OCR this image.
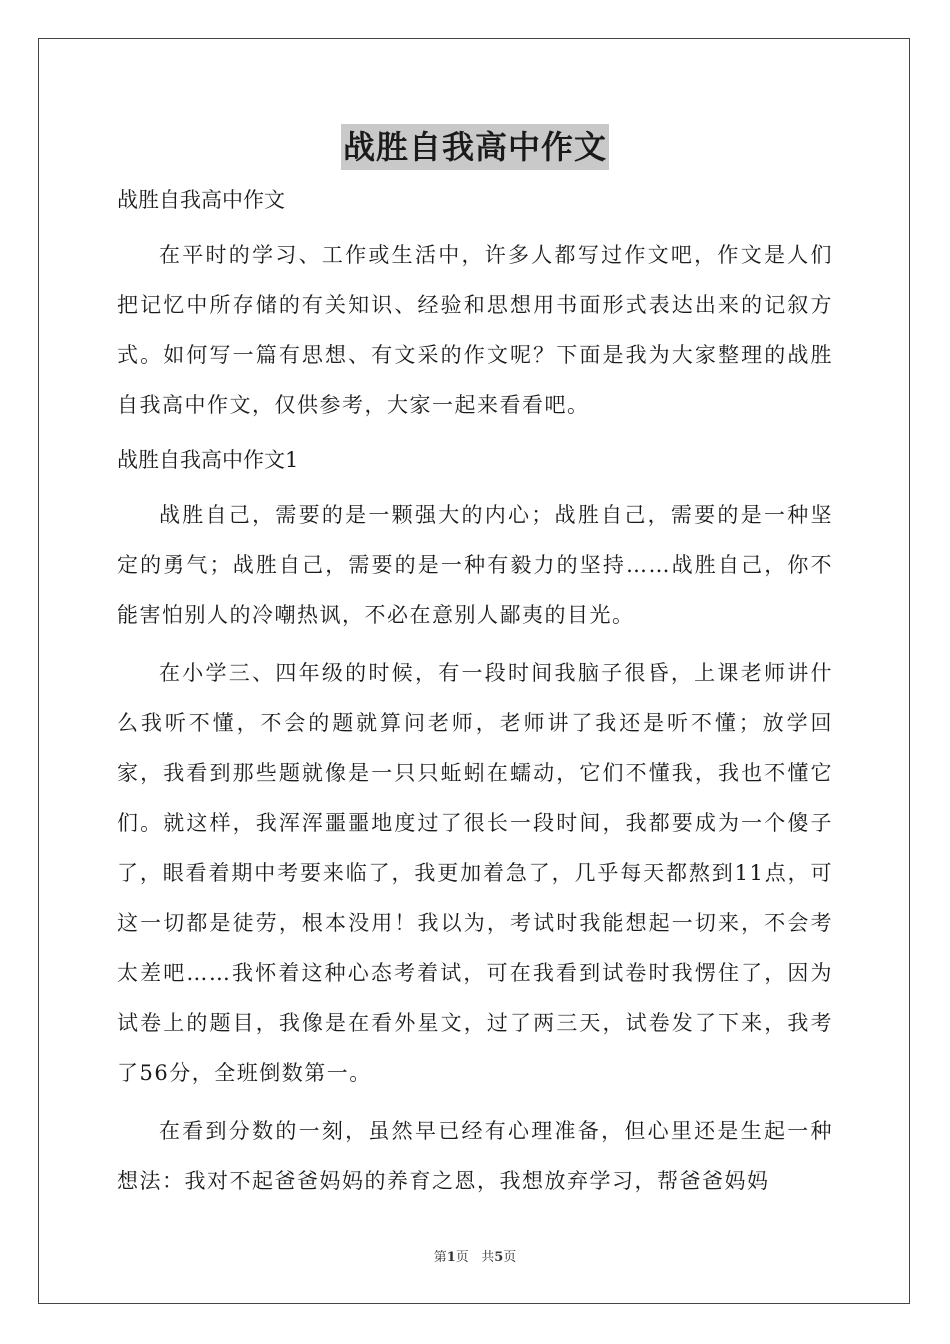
战胜自我高中作文
战胜自我高中作文

在平时的学习、工作或生活中，许多人都写过作文吧，作文是人们把记忆中所存储的有关知识、经验和思想用书面形式表达出来的记叙方式。如何写一篇有思想、有文采的作文呢？下面是我为大家整理的战胜自我高中作文，仅供参考，大家一起来看看吧。

战胜自我高中作文1

战胜自己，需要的是一颗强大的内心；战胜自己，需要的是一种坚定的勇气；战胜自己，需要的是一种有毅力的坚持……战胜自己，你不能害怕别人的冷嘲热讽，不必在意别人鄙夷的目光。

在小学三、四年级的时候，有一段时间我脑子很昏，上课老师讲什么我听不懂，不会的题就算问老师，老师讲了我还是听不懂；放学回家，我看到那些题就像是一只只蚯蚓在蠕动，它们不懂我，我也不懂它们。就这样，我浑浑噩噩地度过了很长一段时间，我都要成为一个傻子了，眼看着期中考要来临了，我更加着急了，几乎每天都熬到11点，可这一切都是徒劳，根本没用！我以为，考试时我能想起一切来，不会考太差吧……我怀着这种心态考着试，可在我看到试卷时我愣住了，因为试卷上的题目，我像是在看外星文，过了两三天，试卷发了下来，我考了56分，全班倒数第一。

在看到分数的一刻，虽然早已经有心理准备，但心里还是生起一种想法：我对不起爸爸妈妈的养育之恩，我想放弃学习，帮爸爸妈妈

第1页 共5页
